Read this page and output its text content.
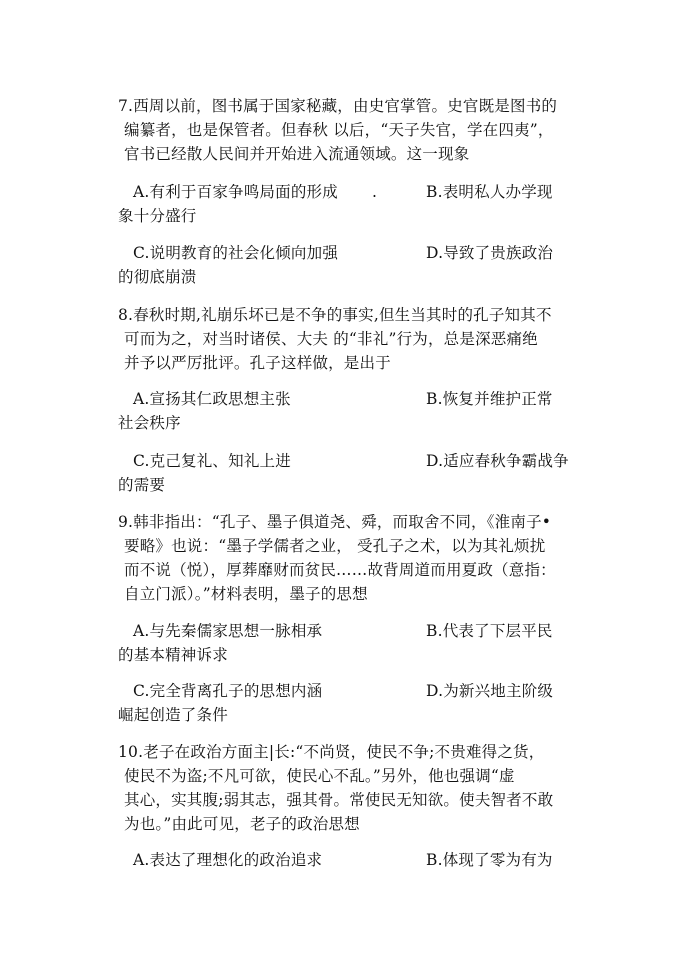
7.西周以前，图书属于国家秘藏，由史官掌管。史官既是图书的
编纂者，也是保管者。但春秋 以后，“天子失官，学在四夷”，
官书已经散人民间并开始进入流通领域。这一现象
A.有利于百家争鸣局面的形成 .	B.表明私人办学现
象十分盛行
C.说明教育的社会化倾向加强	D.导致了贵族政治
的彻底崩溃
8.春秋时期,礼崩乐坏已是不争的事实,但生当其时的孔子知其不
可而为之，对当时诸侯、大夫 的“非礼”行为，总是深恶痛绝
并予以严厉批评。孔子这样做，是出于
A.宣扬其仁政思想主张	B.恢复并维护正常
社会秩序
C.克己复礼、知礼上进	D.适应春秋争霸战争
的需要
9.韩非指出：“孔子、墨子俱道尧、舜，而取舍不同，《淮南子•
要略》也说：“墨子学儒者之业， 受孔子之术，以为其礼烦扰
而不说（悦），厚葬靡财而贫民……故背周道而用夏政（意指：
自立门派）。”材料表明，墨子的思想
A.与先秦儒家思想一脉相承	B.代表了下层平民
的基本精神诉求
C.完全背离孔子的思想内涵	D.为新兴地主阶级
崛起创造了条件
10.老子在政治方面主|长:“不尚贤，使民不争;不贵难得之货，
使民不为盗;不凡可欲，使民心不乱。”另外，他也强调“虚
其心，实其腹;弱其志，强其骨。常使民无知欲。使夫智者不敢
为也。”由此可见，老子的政治思想
A.表达了理想化的政治追求	B.体现了零为有为
